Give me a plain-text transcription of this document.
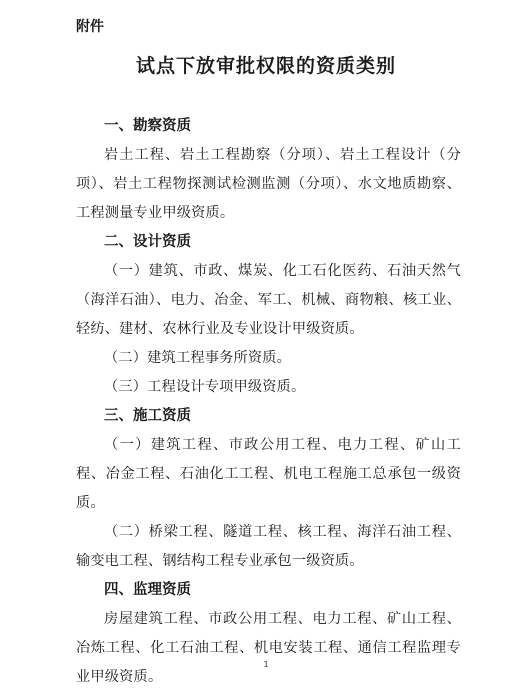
附件
试点下放审批权限的资质类别
一、勘察资质

岩土工程、岩土工程勘察（分项）、岩土工程设计（分项）、岩土工程物探测试检测监测（分项）、水文地质勘察、工程测量专业甲级资质。

二、设计资质

（一）建筑、市政、煤炭、化工石化医药、石油天然气（海洋石油）、电力、冶金、军工、机械、商物粮、核工业、轻纺、建材、农林行业及专业设计甲级资质。

（二）建筑工程事务所资质。

（三）工程设计专项甲级资质。

三、施工资质

（一）建筑工程、市政公用工程、电力工程、矿山工程、冶金工程、石油化工工程、机电工程施工总承包一级资质。

（二）桥梁工程、隧道工程、核工程、海洋石油工程、输变电工程、钢结构工程专业承包一级资质。

四、监理资质

房屋建筑工程、市政公用工程、电力工程、矿山工程、冶炼工程、化工石油工程、机电安装工程、通信工程监理专业甲级资质。

1
